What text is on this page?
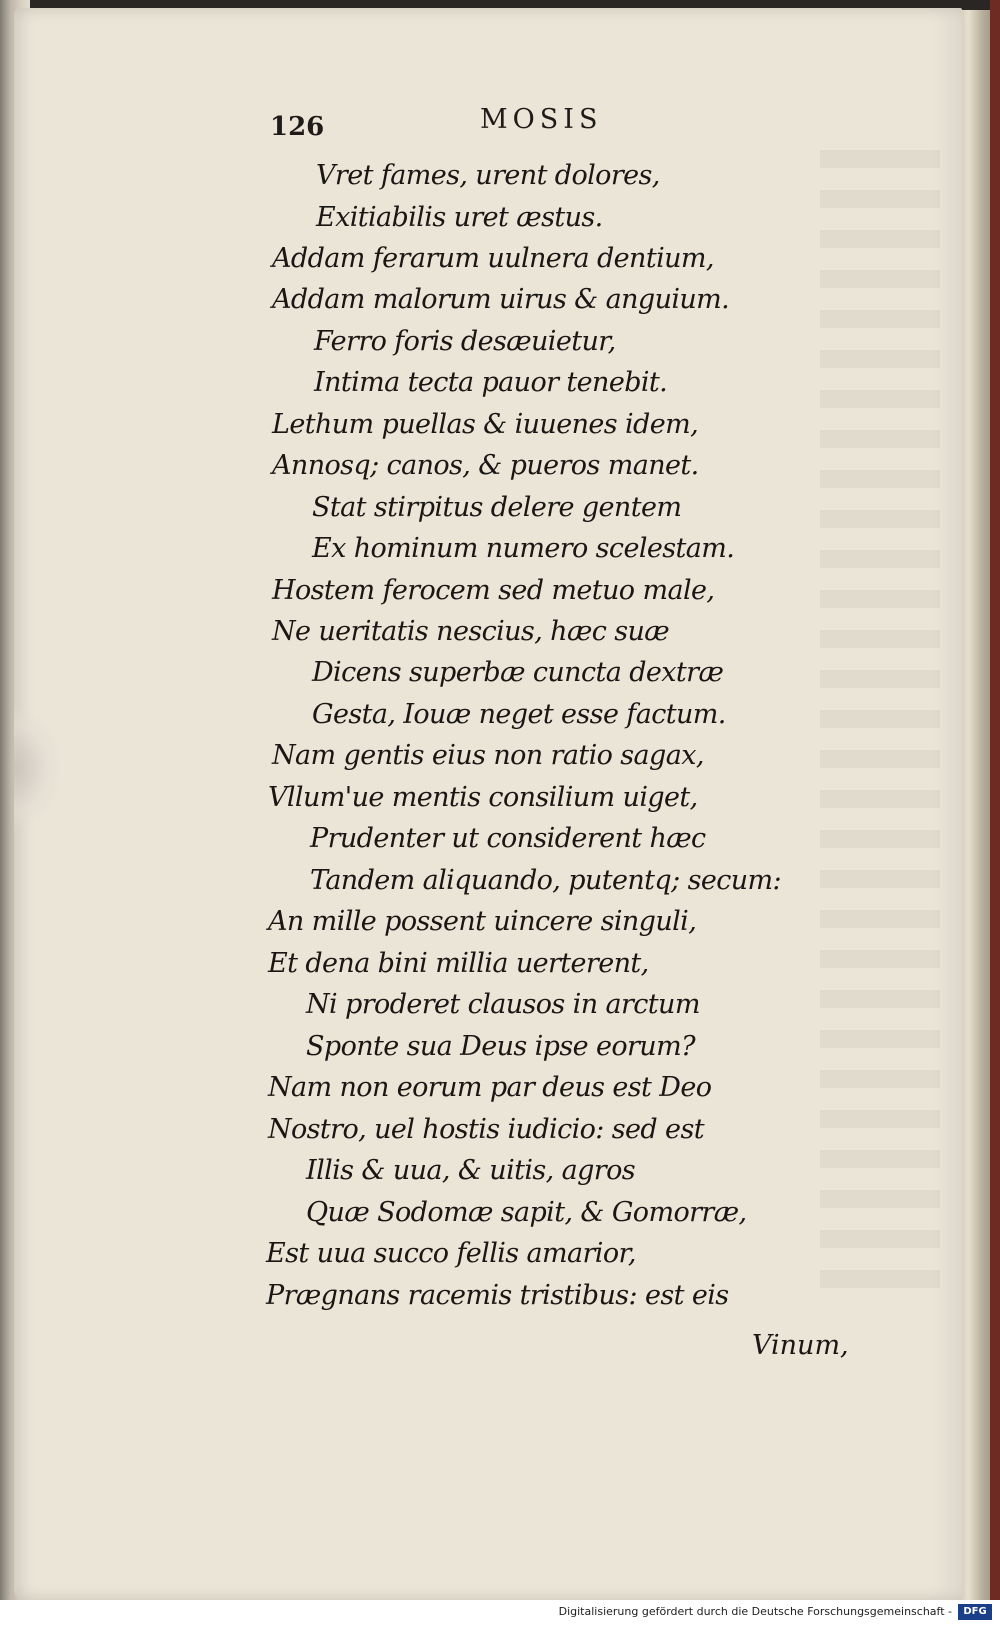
126	MOSIS
Vret fames, urent dolores,
Exitiabilis uret æstus.
Addam ferarum uulnera dentium,
Addam malorum uirus & anguium.
Ferro foris desæuietur,
Intima tecta pauor tenebit.
Lethum puellas & iuuenes idem,
Annosq; canos, & pueros manet.
Stat stirpitus delere gentem
Ex hominum numero scelestam.
Hostem ferocem sed metuo male,
Ne ueritatis nescius, hæc suæ
Dicens superbæ cuncta dextræ
Gesta, Iouæ neget esse factum.
Nam gentis eius non ratio sagax,
Vllum'ue mentis consilium uiget,
Prudenter ut considerent hæc
Tandem aliquando, putentq; secum:
An mille possent uincere singuli,
Et dena bini millia uerterent,
Ni proderet clausos in arctum
Sponte sua Deus ipse eorum?
Nam non eorum par deus est Deo
Nostro, uel hostis iudicio: sed est
Illis & uua, & uitis, agros
Quæ Sodomæ sapit, & Gomorræ,
Est uua succo fellis amarior,
Prægnans racemis tristibus: est eis
Vinum,
Digitalisierung gefördert durch die Deutsche Forschungsgemeinschaft -	DFG
